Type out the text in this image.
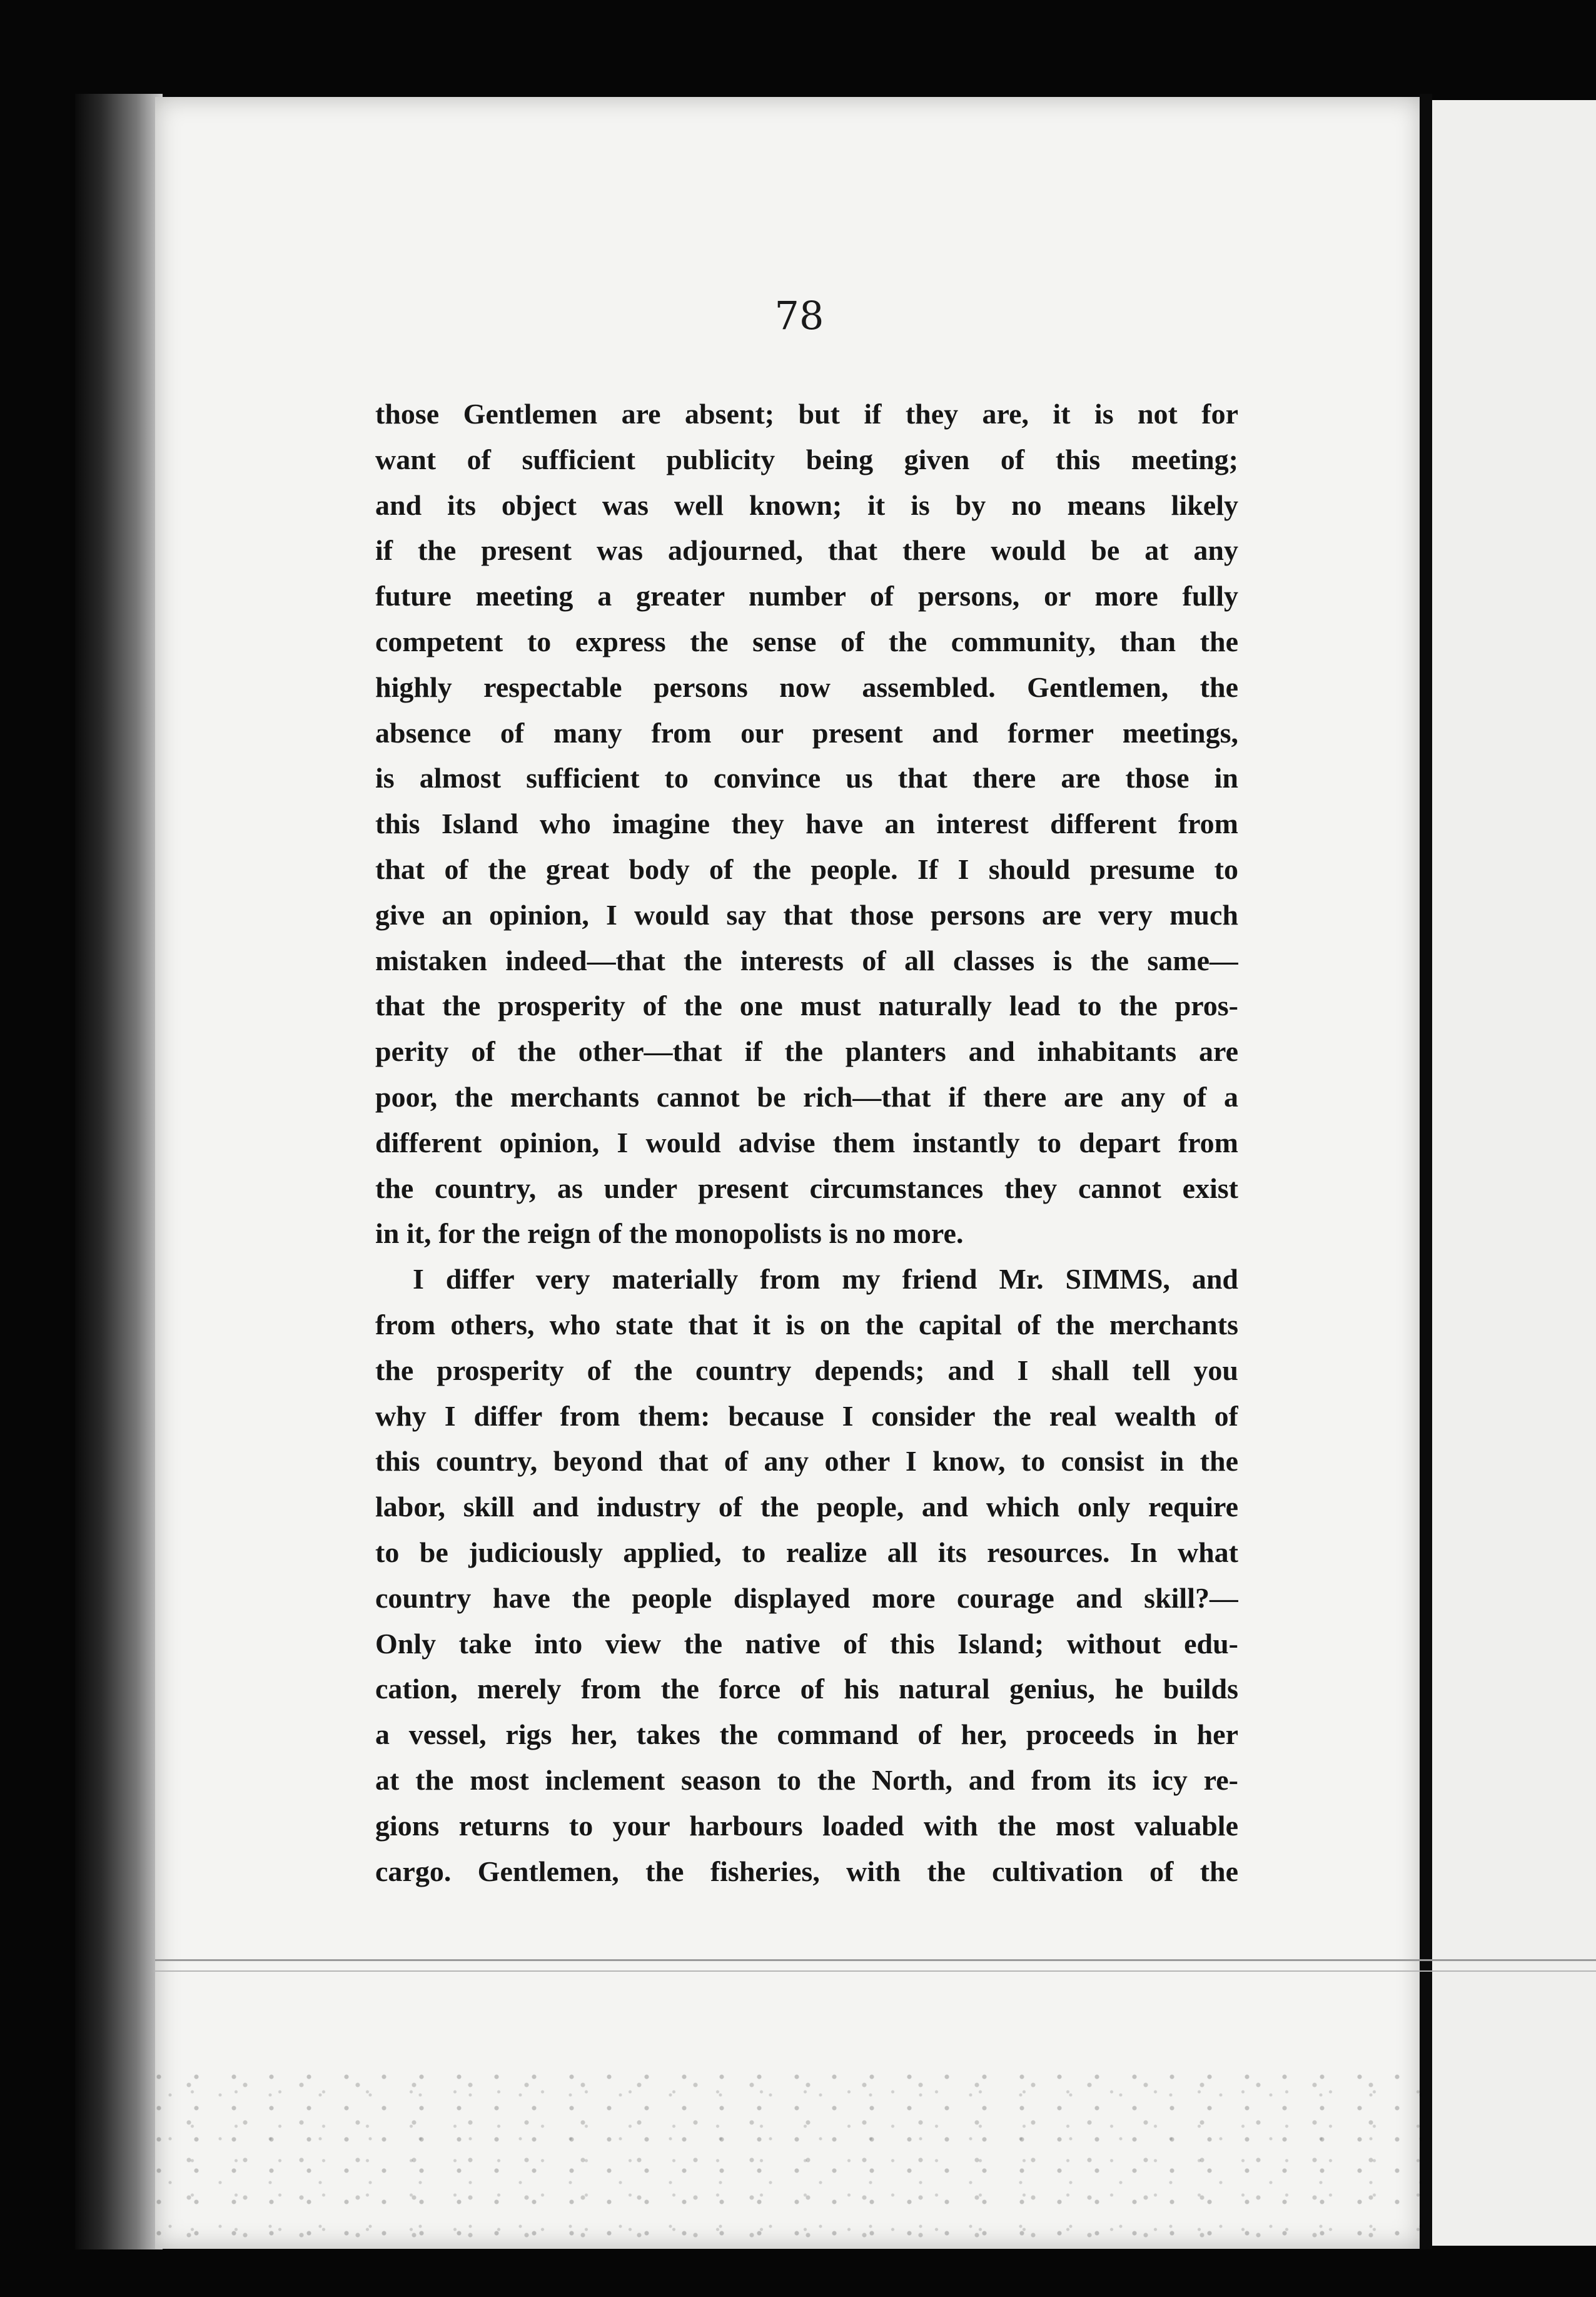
78
those Gentlemen are absent; but if they are, it is not for
want of sufficient publicity being given of this meeting;
and its object was well known; it is by no means likely
if the present was adjourned, that there would be at any
future meeting a greater number of persons, or more fully
competent to express the sense of the community, than the
highly respectable persons now assembled. Gentlemen, the
absence of many from our present and former meetings,
is almost sufficient to convince us that there are those in
this Island who imagine they have an interest different from
that of the great body of the people. If I should presume to
give an opinion, I would say that those persons are very much
mistaken indeed—that the interests of all classes is the same—
that the prosperity of the one must naturally lead to the pros-
perity of the other—that if the planters and inhabitants are
poor, the merchants cannot be rich—that if there are any of a
different opinion, I would advise them instantly to depart from
the country, as under present circumstances they cannot exist
in it, for the reign of the monopolists is no more.
I differ very materially from my friend Mr. SIMMS, and
from others, who state that it is on the capital of the merchants
the prosperity of the country depends; and I shall tell you
why I differ from them: because I consider the real wealth of
this country, beyond that of any other I know, to consist in the
labor, skill and industry of the people, and which only require
to be judiciously applied, to realize all its resources. In what
country have the people displayed more courage and skill?—
Only take into view the native of this Island; without edu-
cation, merely from the force of his natural genius, he builds
a vessel, rigs her, takes the command of her, proceeds in her
at the most inclement season to the North, and from its icy re-
gions returns to your harbours loaded with the most valuable
cargo. Gentlemen, the fisheries, with the cultivation of the
